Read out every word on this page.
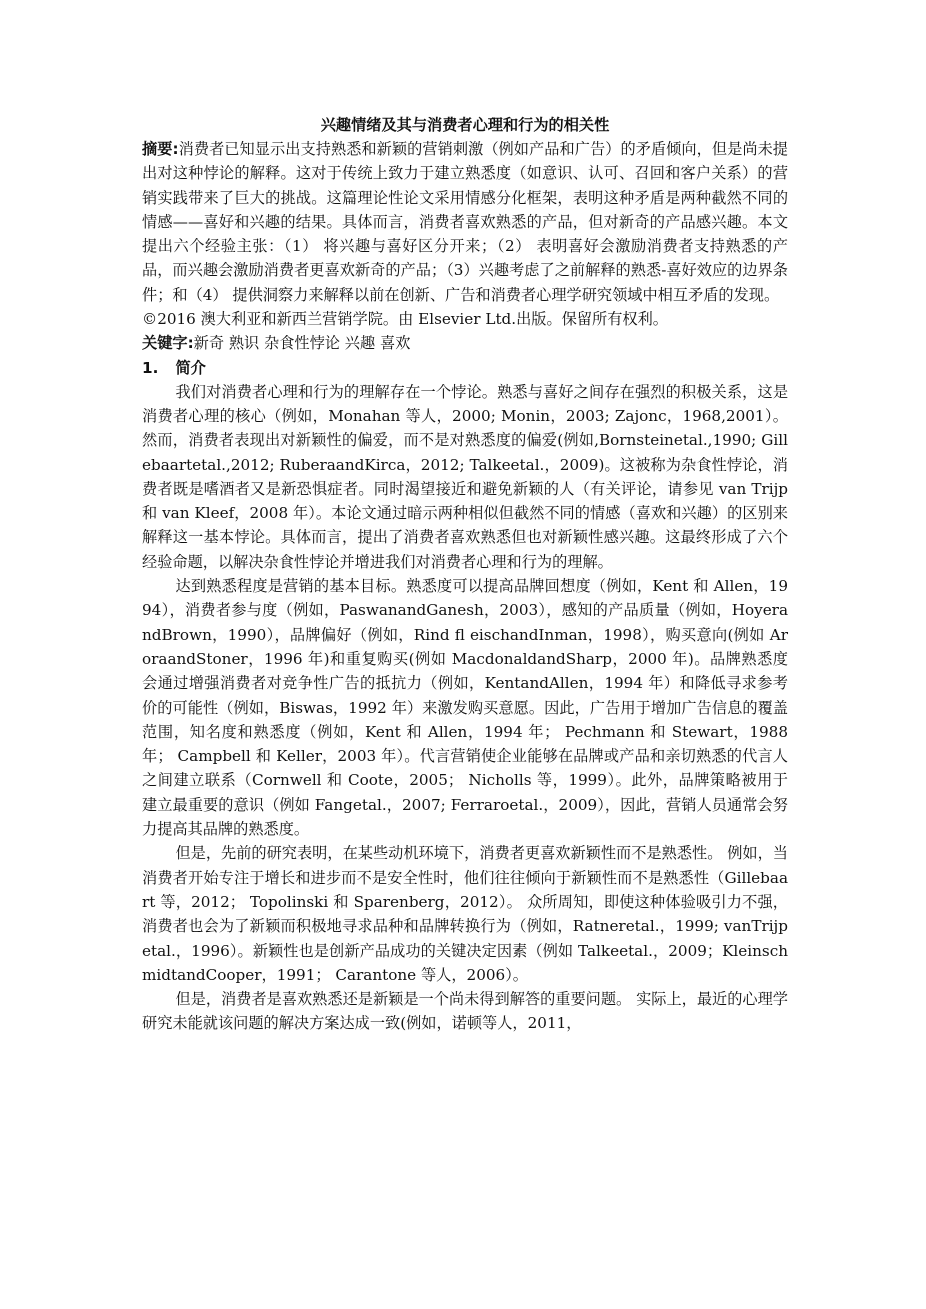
兴趣情绪及其与消费者心理和行为的相关性

摘要:消费者已知显示出支持熟悉和新颖的营销刺激（例如产品和广告）的矛盾倾向，但是尚未提出对这种悖论的解释。这对于传统上致力于建立熟悉度（如意识、认可、召回和客户关系）的营销实践带来了巨大的挑战。这篇理论性论文采用情感分化框架，表明这种矛盾是两种截然不同的情感——喜好和兴趣的结果。具体而言，消费者喜欢熟悉的产品，但对新奇的产品感兴趣。本文提出六个经验主张：（1） 将兴趣与喜好区分开来；（2） 表明喜好会激励消费者支持熟悉的产品，而兴趣会激励消费者更喜欢新奇的产品；（3）兴趣考虑了之前解释的熟悉-喜好效应的边界条件；和（4） 提供洞察力来解释以前在创新、广告和消费者心理学研究领域中相互矛盾的发现。

©2016 澳大利亚和新西兰营销学院。由 Elsevier Ltd.出版。保留所有权利。

关键字:新奇 熟识 杂食性悖论 兴趣 喜欢

1. 简介

我们对消费者心理和行为的理解存在一个悖论。熟悉与喜好之间存在强烈的积极关系，这是消费者心理的核心（例如，Monahan 等人，2000; Monin，2003; Zajonc，1968,2001）。然而，消费者表现出对新颖性的偏爱，而不是对熟悉度的偏爱(例如,Bornsteinetal.,1990; Gillebaartetal.,2012; RuberaandKirca，2012; Talkeetal.，2009)。这被称为杂食性悖论，消费者既是嗜酒者又是新恐惧症者。同时渴望接近和避免新颖的人（有关评论，请参见 van Trijp 和 van Kleef，2008 年）。本论文通过暗示两种相似但截然不同的情感（喜欢和兴趣）的区别来解释这一基本悖论。具体而言，提出了消费者喜欢熟悉但也对新颖性感兴趣。这最终形成了六个经验命题，以解决杂食性悖论并增进我们对消费者心理和行为的理解。

达到熟悉程度是营销的基本目标。熟悉度可以提高品牌回想度（例如，Kent 和 Allen，1994），消费者参与度（例如，PaswanandGanesh，2003），感知的产品质量（例如，HoyerandBrown，1990），品牌偏好（例如，Rind ﬂ eischandInman，1998），购买意向(例如 AroraandStoner，1996 年)和重复购买(例如 MacdonaldandSharp，2000 年)。品牌熟悉度会通过增强消费者对竞争性广告的抵抗力（例如，KentandAllen，1994 年）和降低寻求参考价的可能性（例如，Biswas，1992 年）来激发购买意愿。因此，广告用于增加广告信息的覆盖范围，知名度和熟悉度（例如，Kent 和 Allen，1994 年； Pechmann 和 Stewart，1988 年； Campbell 和 Keller，2003 年）。代言营销使企业能够在品牌或产品和亲切熟悉的代言人之间建立联系（Cornwell 和 Coote，2005； Nicholls 等，1999）。此外，品牌策略被用于建立最重要的意识（例如 Fangetal.，2007; Ferraroetal.，2009），因此，营销人员通常会努力提高其品牌的熟悉度。

但是，先前的研究表明，在某些动机环境下，消费者更喜欢新颖性而不是熟悉性。 例如，当消费者开始专注于增长和进步而不是安全性时，他们往往倾向于新颖性而不是熟悉性（Gillebaart 等，2012； Topolinski 和 Sparenberg，2012）。 众所周知，即使这种体验吸引力不强，消费者也会为了新颖而积极地寻求品种和品牌转换行为（例如，Ratneretal.，1999; vanTrijpetal.，1996）。新颖性也是创新产品成功的关键决定因素（例如 Talkeetal.，2009；KleinschmidtandCooper，1991； Carantone 等人，2006）。

但是，消费者是喜欢熟悉还是新颖是一个尚未得到解答的重要问题。 实际上，最近的心理学研究未能就该问题的解决方案达成一致(例如，诺顿等人，2011，
